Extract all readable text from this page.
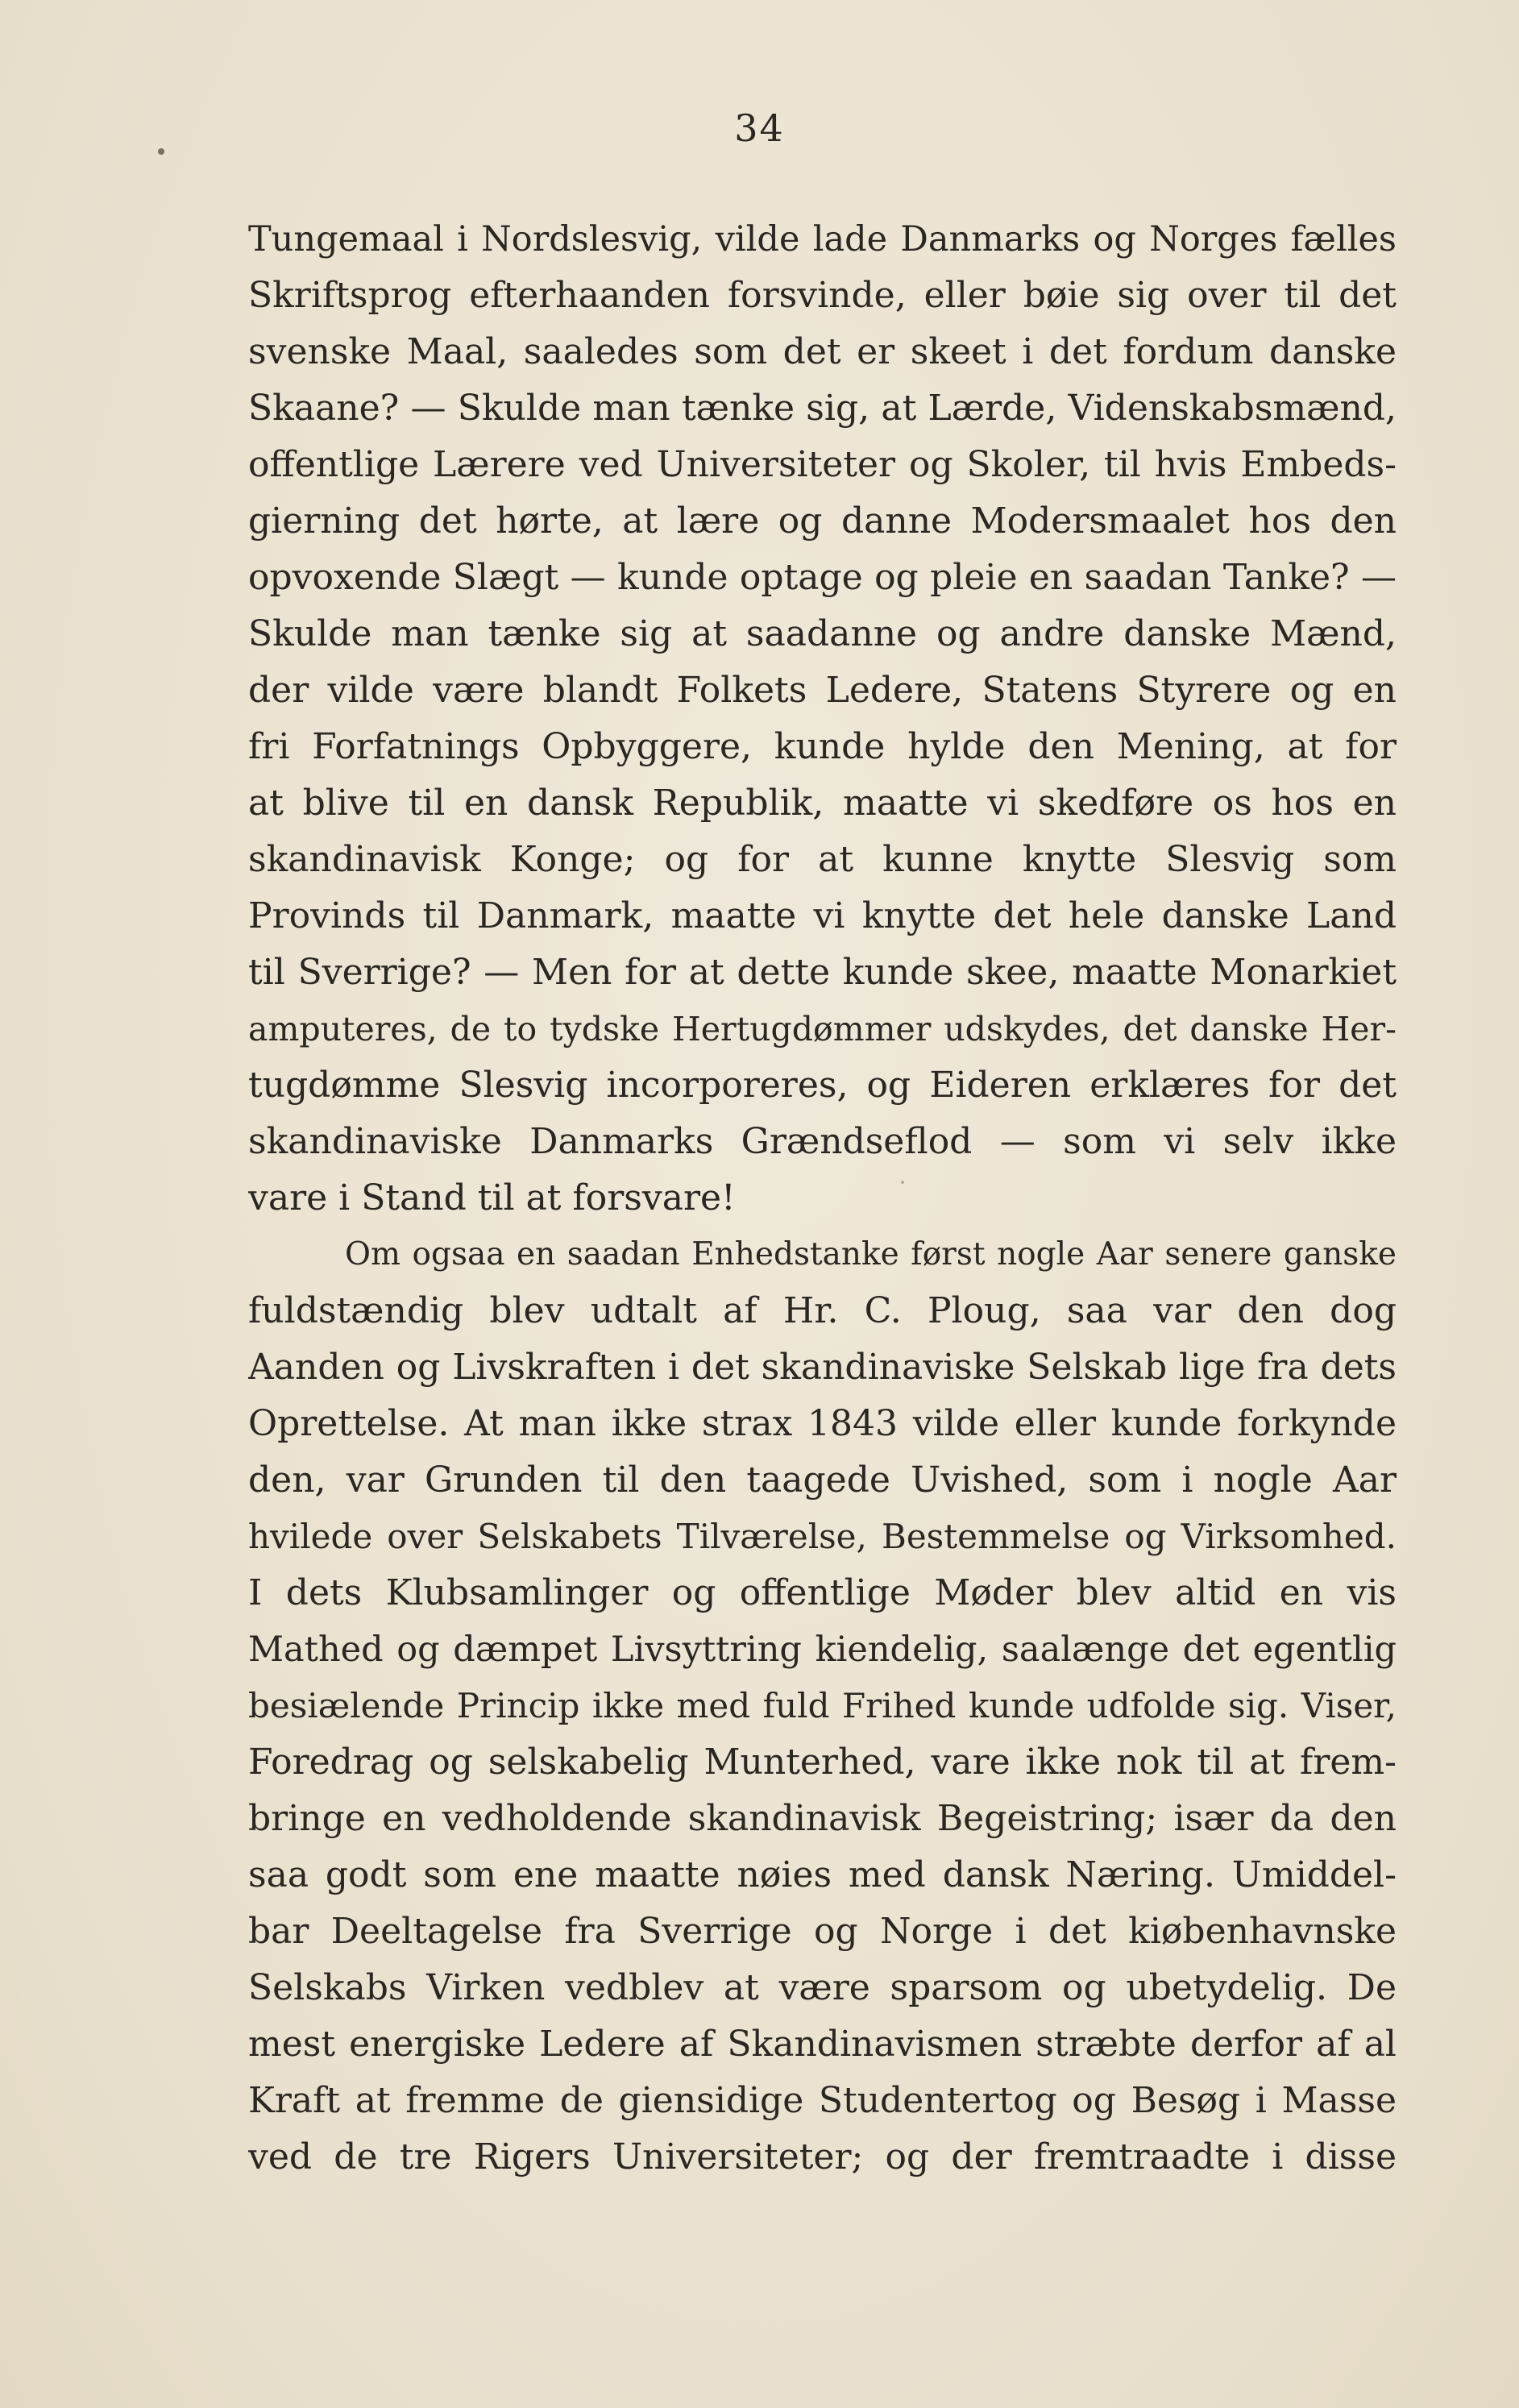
34
Tungemaal i Nordslesvig, vilde lade Danmarks og Norges fælles
Skriftsprog efterhaanden forsvinde, eller bøie sig over til det
svenske Maal, saaledes som det er skeet i det fordum danske
Skaane? — Skulde man tænke sig, at Lærde, Videnskabsmænd,
offentlige Lærere ved Universiteter og Skoler, til hvis Embeds-
gierning det hørte, at lære og danne Modersmaalet hos den
opvoxende Slægt — kunde optage og pleie en saadan Tanke? —
Skulde man tænke sig at saadanne og andre danske Mænd,
der vilde være blandt Folkets Ledere, Statens Styrere og en
fri Forfatnings Opbyggere, kunde hylde den Mening, at for
at blive til en dansk Republik, maatte vi skedføre os hos en
skandinavisk Konge; og for at kunne knytte Slesvig som
Provinds til Danmark, maatte vi knytte det hele danske Land
til Sverrige? — Men for at dette kunde skee, maatte Monarkiet
amputeres, de to tydske Hertugdømmer udskydes, det danske Her-
tugdømme Slesvig incorporeres, og Eideren erklæres for det
skandinaviske Danmarks Grændseflod — som vi selv ikke
vare i Stand til at forsvare!
Om ogsaa en saadan Enhedstanke først nogle Aar senere ganske
fuldstændig blev udtalt af Hr. C. Ploug, saa var den dog
Aanden og Livskraften i det skandinaviske Selskab lige fra dets
Oprettelse. At man ikke strax 1843 vilde eller kunde forkynde
den, var Grunden til den taagede Uvished, som i nogle Aar
hvilede over Selskabets Tilværelse, Bestemmelse og Virksomhed.
I dets Klubsamlinger og offentlige Møder blev altid en vis
Mathed og dæmpet Livsyttring kiendelig, saalænge det egentlig
besiælende Princip ikke med fuld Frihed kunde udfolde sig. Viser,
Foredrag og selskabelig Munterhed, vare ikke nok til at frem-
bringe en vedholdende skandinavisk Begeistring; især da den
saa godt som ene maatte nøies med dansk Næring. Umiddel-
bar Deeltagelse fra Sverrige og Norge i det kiøbenhavnske
Selskabs Virken vedblev at være sparsom og ubetydelig. De
mest energiske Ledere af Skandinavismen stræbte derfor af al
Kraft at fremme de giensidige Studentertog og Besøg i Masse
ved de tre Rigers Universiteter; og der fremtraadte i disse
